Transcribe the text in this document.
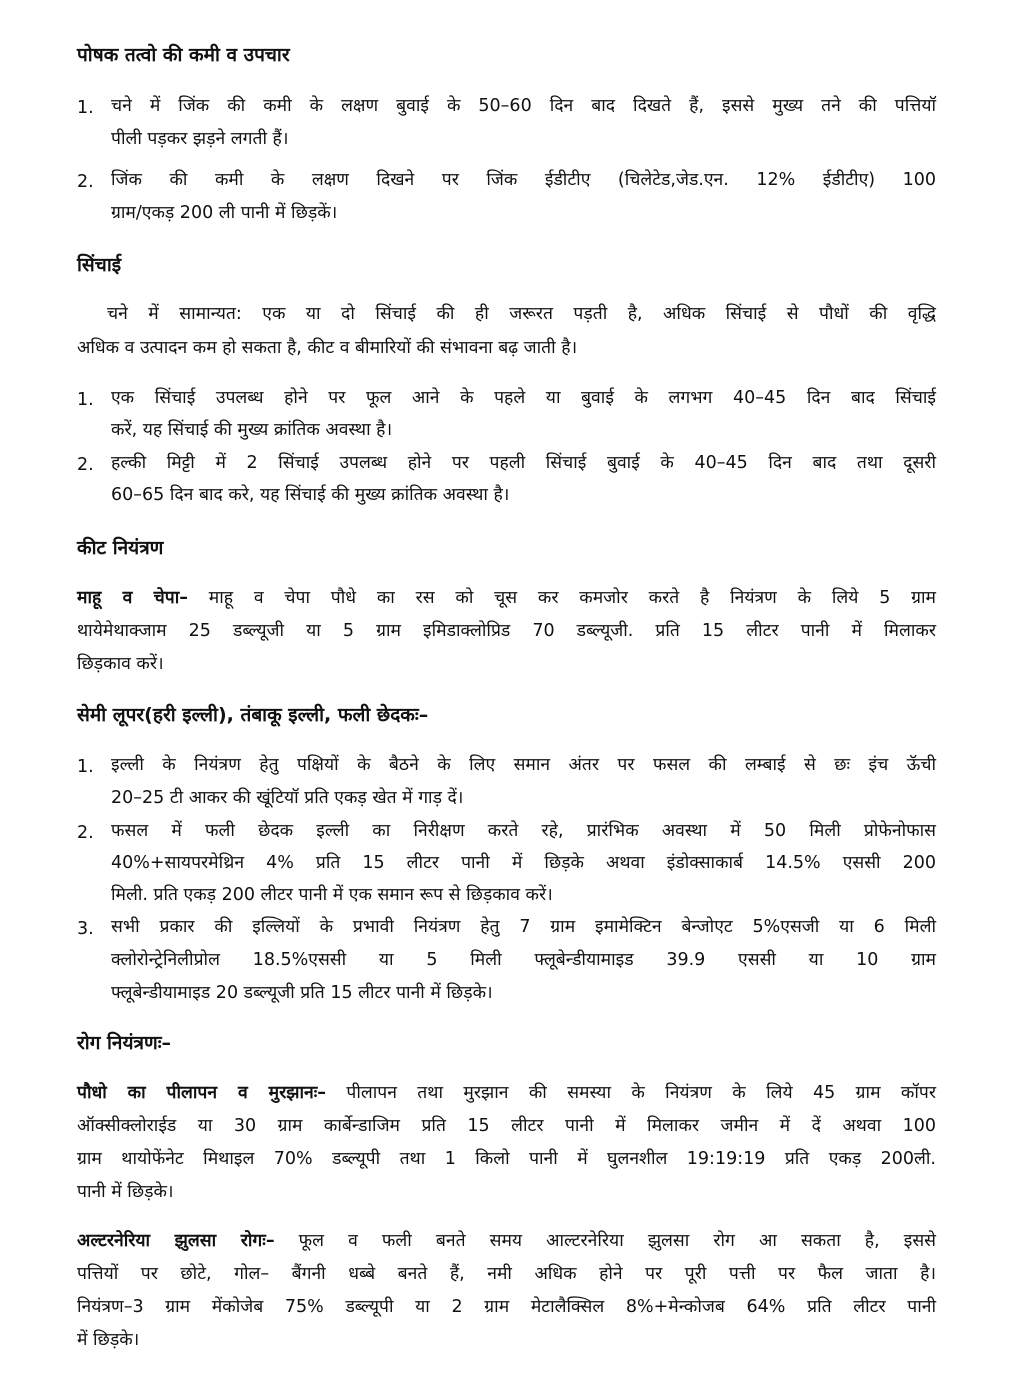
पोषक तत्वो की कमी व उपचार
1. चने में जिंक की कमी के लक्षण बुवाई के 50–60 दिन बाद दिखते हैं, इससे मुख्य तने की पत्तियॉ
पीली पड़कर झड़ने लगती हैं।
2. जिंक की कमी के लक्षण दिखने पर जिंक ईडीटीए (चिलेटेड,जेड.एन. 12% ईडीटीए) 100
ग्राम/एकड़ 200 ली पानी में छिड़कें।
सिंचाई
चने में सामान्यत: एक या दो सिंचाई की ही जरूरत पड़ती है, अधिक सिंचाई से पौधों की वृद्धि
अधिक व उत्पादन कम हो सकता है, कीट व बीमारियों की संभावना बढ़ जाती है।
1. एक सिंचाई उपलब्ध होने पर फूल आने के पहले या बुवाई के लगभग 40–45 दिन बाद सिंचाई
करें, यह सिंचाई की मुख्य क्रांतिक अवस्था है।
2. हल्की मिट्टी में 2 सिंचाई उपलब्ध होने पर पहली सिंचाई बुवाई के 40–45 दिन बाद तथा दूसरी
60–65 दिन बाद करे, यह सिंचाई की मुख्य क्रांतिक अवस्था है।
कीट नियंत्रण
माहू व चेपा– माहू व चेपा पौधे का रस को चूस कर कमजोर करते है नियंत्रण के लिये 5 ग्राम
थायेमेथाक्जाम 25 डब्ल्यूजी या 5 ग्राम इमिडाक्लोप्रिड 70 डब्ल्यूजी. प्रति 15 लीटर पानी में मिलाकर
छिड़काव करें।
सेमी लूपर(हरी इल्ली), तंबाकू इल्ली, फली छेदकः–
1. इल्ली के नियंत्रण हेतु पक्षियों के बैठने के लिए समान अंतर पर फसल की लम्बाई से छः इंच ऊॅची
20–25 टी आकर की खूंटियॉ प्रति एकड़ खेत में गाड़ दें।
2. फसल में फली छेदक इल्ली का निरीक्षण करते रहे, प्रारंभिक अवस्था में 50 मिली प्रोफेनोफास
40%+सायपरमेथ्रिन 4% प्रति 15 लीटर पानी में छिड़के अथवा इंडोक्साकार्ब 14.5% एससी 200
मिली. प्रति एकड़ 200 लीटर पानी में एक समान रूप से छिड़काव करें।
3. सभी प्रकार की इल्लियों के प्रभावी नियंत्रण हेतु 7 ग्राम इमामेक्टिन बेन्जोएट 5%एसजी या 6 मिली
क्लोरोन्ट्रेनिलीप्रोल 18.5%एससी या 5 मिली फ्लूबेन्डीयामाइड 39.9 एससी या 10 ग्राम
फ्लूबेन्डीयामाइड 20 डब्ल्यूजी प्रति 15 लीटर पानी में छिड़के।
रोग नियंत्रणः–
पौधो का पीलापन व मुरझानः– पीलापन तथा मुरझान की समस्या के नियंत्रण के लिये 45 ग्राम कॉपर
ऑक्सीक्लोराईड या 30 ग्राम कार्बेन्डाजिम प्रति 15 लीटर पानी में मिलाकर जमीन में दें अथवा 100
ग्राम थायोफेंनेट मिथाइल 70% डब्ल्यूपी तथा 1 किलो पानी में घुलनशील 19:19:19 प्रति एकड़ 200ली.
पानी में छिड़के।
अल्टरनेरिया झुलसा रोगः– फूल व फली बनते समय आल्टरनेरिया झुलसा रोग आ सकता है, इससे
पत्तियों पर छोटे, गोल– बैंगनी धब्बे बनते हैं, नमी अधिक होने पर पूरी पत्ती पर फैल जाता है।
नियंत्रण–3 ग्राम मेंकोजेब 75% डब्ल्यूपी या 2 ग्राम मेटालैक्सिल 8%+मेन्कोजब 64% प्रति लीटर पानी
में छिड़के।
